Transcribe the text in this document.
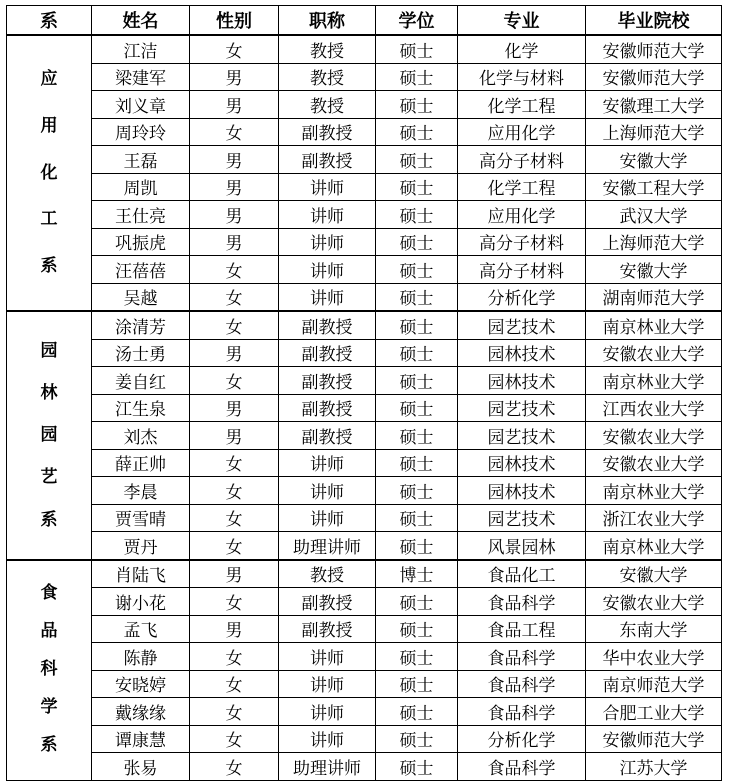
系	姓名	性别	职称	学位	专业	毕业院校

应用化工系	江洁	女	教授	硕士	化学	安徽师范大学
	梁建军	男	教授	硕士	化学与材料	安徽师范大学
	刘义章	男	教授	硕士	化学工程	安徽理工大学
	周玲玲	女	副教授	硕士	应用化学	上海师范大学
	王磊	男	副教授	硕士	高分子材料	安徽大学
	周凯	男	讲师	硕士	化学工程	安徽工程大学
	王仕亮	男	讲师	硕士	应用化学	武汉大学
	巩振虎	男	讲师	硕士	高分子材料	上海师范大学
	汪蓓蓓	女	讲师	硕士	高分子材料	安徽大学
	吴越	女	讲师	硕士	分析化学	湖南师范大学

园林园艺系	涂清芳	女	副教授	硕士	园艺技术	南京林业大学
	汤士勇	男	副教授	硕士	园林技术	安徽农业大学
	姜自红	女	副教授	硕士	园林技术	南京林业大学
	江生泉	男	副教授	硕士	园艺技术	江西农业大学
	刘杰	男	副教授	硕士	园艺技术	安徽农业大学
	薛正帅	女	讲师	硕士	园林技术	安徽农业大学
	李晨	女	讲师	硕士	园林技术	南京林业大学
	贾雪晴	女	讲师	硕士	园艺技术	浙江农业大学
	贾丹	女	助理讲师	硕士	风景园林	南京林业大学

食品科学系	肖陆飞	男	教授	博士	食品化工	安徽大学
	谢小花	女	副教授	硕士	食品科学	安徽农业大学
	孟飞	男	副教授	硕士	食品工程	东南大学
	陈静	女	讲师	硕士	食品科学	华中农业大学
	安晓婷	女	讲师	硕士	食品科学	南京师范大学
	戴缘缘	女	讲师	硕士	食品科学	合肥工业大学
	谭康慧	女	讲师	硕士	分析化学	安徽师范大学
	张易	女	助理讲师	硕士	食品科学	江苏大学
